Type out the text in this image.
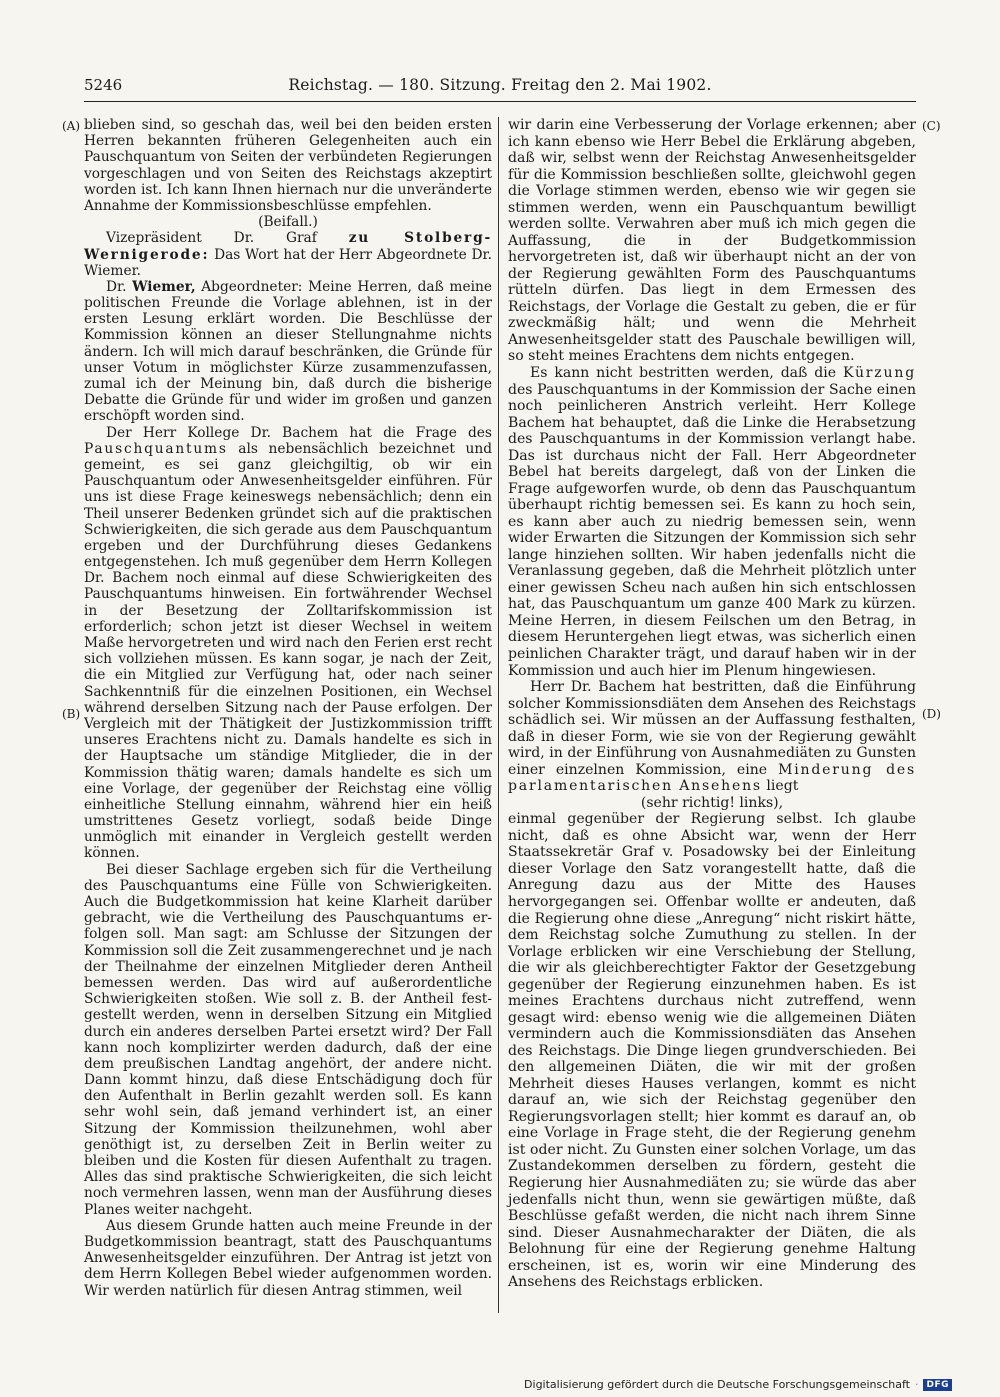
5246	Reichstag. — 180. Sitzung. Freitag den 2. Mai 1902.
(A)
(B)
(C)
(D)

blieben sind, so geschah das, weil bei den beiden ersten Herren bekannten früheren Gelegenheiten auch ein Pauschquantum von Seiten der verbündeten Regierungen vorgeschlagen und von Seiten des Reichstags akzeptirt worden ist. Ich kann Ihnen hiernach nur die unveränderte Annahme der Kommissionsbeschlüsse empfehlen.

(Beifall.)

Vizepräsident Dr. Graf zu Stolberg-Wernigerode: Das Wort hat der Herr Abgeordnete Dr. Wiemer.

Dr. Wiemer, Abgeordneter: Meine Herren, daß meine politischen Freunde die Vorlage ablehnen, ist in der ersten Lesung erklärt worden. Die Beschlüsse der Kommission können an dieser Stellungnahme nichts ändern. Ich will mich darauf beschränken, die Gründe für unser Votum in möglichster Kürze zusammenzufassen, zumal ich der Meinung bin, daß durch die bisherige Debatte die Gründe für und wider im großen und ganzen erschöpft worden sind.

Der Herr Kollege Dr. Bachem hat die Frage des Pauschquantums als nebensächlich bezeichnet und gemeint, es sei ganz gleichgiltig, ob wir ein Pauschquantum oder Anwesenheitsgelder einführen. Für uns ist diese Frage keineswegs nebensächlich; denn ein Theil unserer Bedenken gründet sich auf die praktischen Schwierigkeiten, die sich gerade aus dem Pauschquantum ergeben und der Durchführung dieses Gedankens entgegenstehen. Ich muß gegenüber dem Herrn Kollegen Dr. Bachem noch einmal auf diese Schwierigkeiten des Pauschquantums hinweisen. Ein fortwährender Wechsel in der Besetzung der Zolltarifskommission ist erforderlich; schon jetzt ist dieser Wechsel in weitem Maße hervorgetreten und wird nach den Ferien erst recht sich vollziehen müssen. Es kann sogar, je nach der Zeit, die ein Mitglied zur Verfügung hat, oder nach seiner Sachkenntniß für die einzelnen Positionen, ein Wechsel während derselben Sitzung nach der Pause erfolgen. Der Vergleich mit der Thätigkeit der Justizkommission trifft unseres Erachtens nicht zu. Damals handelte es sich in der Hauptsache um ständige Mitglieder, die in der Kommission thätig waren; damals handelte es sich um eine Vorlage, der gegenüber der Reichstag eine völlig einheitliche Stellung einnahm, während hier ein heiß umstrittenes Gesetz vorliegt, sodaß beide Dinge unmöglich mit einander in Vergleich gestellt werden können.

Bei dieser Sachlage ergeben sich für die Vertheilung des Pauschquantums eine Fülle von Schwierigkeiten. Auch die Budgetkommission hat keine Klarheit darüber gebracht, wie die Vertheilung des Pauschquantums erfolgen soll. Man sagt: am Schlusse der Sitzungen der Kommission soll die Zeit zusammengerechnet und je nach der Theilnahme der einzelnen Mitglieder deren Antheil bemessen werden. Das wird auf außerordentliche Schwierigkeiten stoßen. Wie soll z. B. der Antheil festgestellt werden, wenn in derselben Sitzung ein Mitglied durch ein anderes derselben Partei ersetzt wird? Der Fall kann noch komplizirter werden dadurch, daß der eine dem preußischen Landtag angehört, der andere nicht. Dann kommt hinzu, daß diese Entschädigung doch für den Aufenthalt in Berlin gezahlt werden soll. Es kann sehr wohl sein, daß jemand verhindert ist, an einer Sitzung der Kommission theilzunehmen, wohl aber genöthigt ist, zu derselben Zeit in Berlin weiter zu bleiben und die Kosten für diesen Aufenthalt zu tragen. Alles das sind praktische Schwierigkeiten, die sich leicht noch vermehren lassen, wenn man der Ausführung dieses Planes weiter nachgeht.

Aus diesem Grunde hatten auch meine Freunde in der Budgetkommission beantragt, statt des Pauschquantums Anwesenheitsgelder einzuführen. Der Antrag ist jetzt von dem Herrn Kollegen Bebel wieder aufgenommen worden. Wir werden natürlich für diesen Antrag stimmen, weil

wir darin eine Verbesserung der Vorlage erkennen; aber ich kann ebenso wie Herr Bebel die Erklärung abgeben, daß wir, selbst wenn der Reichstag Anwesenheitsgelder für die Kommission beschließen sollte, gleichwohl gegen die Vorlage stimmen werden, ebenso wie wir gegen sie stimmen werden, wenn ein Pauschquantum bewilligt werden sollte. Verwahren aber muß ich mich gegen die Auffassung, die in der Budgetkommission hervorgetreten ist, daß wir überhaupt nicht an der von der Regierung gewählten Form des Pauschquantums rütteln dürfen. Das liegt in dem Ermessen des Reichstags, der Vorlage die Gestalt zu geben, die er für zweckmäßig hält; und wenn die Mehrheit Anwesenheitsgelder statt des Pauschale bewilligen will, so steht meines Erachtens dem nichts entgegen.

Es kann nicht bestritten werden, daß die Kürzung des Pauschquantums in der Kommission der Sache einen noch peinlicheren Anstrich verleiht. Herr Kollege Bachem hat behauptet, daß die Linke die Herabsetzung des Pauschquantums in der Kommission verlangt habe. Das ist durchaus nicht der Fall. Herr Abgeordneter Bebel hat bereits dargelegt, daß von der Linken die Frage aufgeworfen wurde, ob denn das Pauschquantum überhaupt richtig bemessen sei. Es kann zu hoch sein, es kann aber auch zu niedrig bemessen sein, wenn wider Erwarten die Sitzungen der Kommission sich sehr lange hinziehen sollten. Wir haben jedenfalls nicht die Veranlassung gegeben, daß die Mehrheit plötzlich unter einer gewissen Scheu nach außen hin sich entschlossen hat, das Pauschquantum um ganze 400 Mark zu kürzen. Meine Herren, in diesem Feilschen um den Betrag, in diesem Heruntergehen liegt etwas, was sicherlich einen peinlichen Charakter trägt, und darauf haben wir in der Kommission und auch hier im Plenum hingewiesen.

Herr Dr. Bachem hat bestritten, daß die Einführung solcher Kommissionsdiäten dem Ansehen des Reichstags schädlich sei. Wir müssen an der Auffassung festhalten, daß in dieser Form, wie sie von der Regierung gewählt wird, in der Einführung von Ausnahmediäten zu Gunsten einer einzelnen Kommission, eine Minderung des parlamentarischen Ansehens liegt

(sehr richtig! links),

einmal gegenüber der Regierung selbst. Ich glaube nicht, daß es ohne Absicht war, wenn der Herr Staatssekretär Graf v. Posadowsky bei der Einleitung dieser Vorlage den Satz vorangestellt hatte, daß die Anregung dazu aus der Mitte des Hauses hervorgegangen sei. Offenbar wollte er andeuten, daß die Regierung ohne diese „Anregung“ nicht riskirt hätte, dem Reichstag solche Zumuthung zu stellen. In der Vorlage erblicken wir eine Verschiebung der Stellung, die wir als gleichberechtigter Faktor der Gesetzgebung gegenüber der Regierung einzunehmen haben. Es ist meines Erachtens durchaus nicht zutreffend, wenn gesagt wird: ebenso wenig wie die allgemeinen Diäten vermindern auch die Kommissionsdiäten das Ansehen des Reichstags. Die Dinge liegen grundverschieden. Bei den allgemeinen Diäten, die wir mit der großen Mehrheit dieses Hauses verlangen, kommt es nicht darauf an, wie sich der Reichstag gegenüber den Regierungsvorlagen stellt; hier kommt es darauf an, ob eine Vorlage in Frage steht, die der Regierung genehm ist oder nicht. Zu Gunsten einer solchen Vorlage, um das Zustandekommen derselben zu fördern, gesteht die Regierung hier Ausnahmediäten zu; sie würde das aber jedenfalls nicht thun, wenn sie gewärtigen müßte, daß Beschlüsse gefaßt werden, die nicht nach ihrem Sinne sind. Dieser Ausnahmecharakter der Diäten, die als Belohnung für eine der Regierung genehme Haltung erscheinen, ist es, worin wir eine Minderung des Ansehens des Reichstags erblicken.

Digitalisierung gefördert durch die Deutsche Forschungsgemeinschaft · DFG
